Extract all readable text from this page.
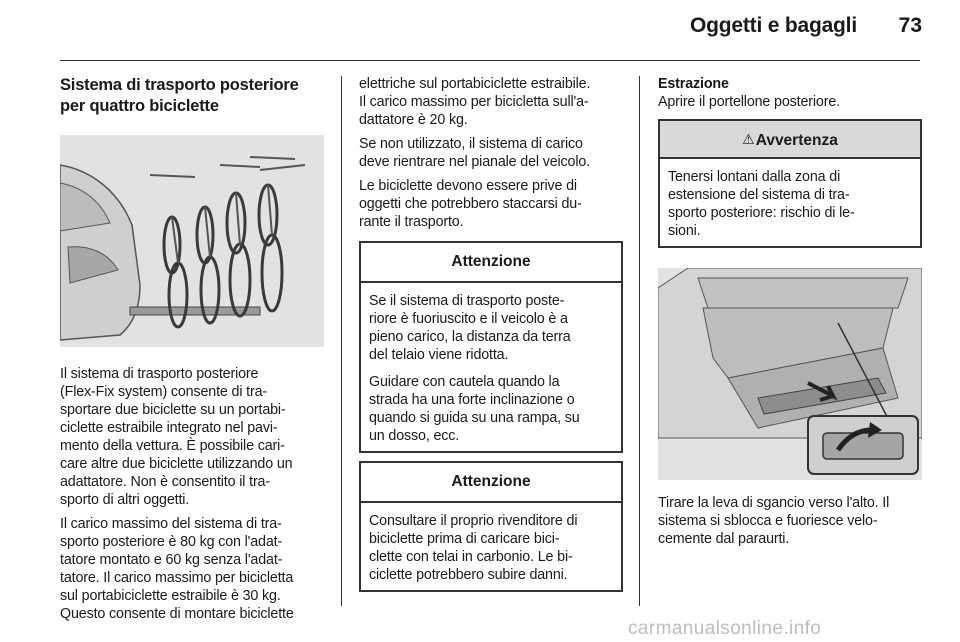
Oggetti e bagagli	73
Sistema di trasporto posteriore
per quattro biciclette

Il sistema di trasporto posteriore
(Flex-Fix system) consente di tra-
sportare due biciclette su un portabi-
ciclette estraibile integrato nel pavi-
mento della vettura. È possibile cari-
care altre due biciclette utilizzando un
adattatore. Non è consentito il tra-
sporto di altri oggetti.

Il carico massimo del sistema di tra-
sporto posteriore è 80 kg con l'adat-
tatore montato e 60 kg senza l'adat-
tatore. Il carico massimo per bicicletta
sul portabiciclette estraibile è 30 kg.
Questo consente di montare biciclette

elettriche sul portabiciclette estraibile.
Il carico massimo per bicicletta sull'a-
dattatore è 20 kg.

Se non utilizzato, il sistema di carico
deve rientrare nel pianale del veicolo.

Le biciclette devono essere prive di
oggetti che potrebbero staccarsi du-
rante il trasporto.

Attenzione

Se il sistema di trasporto poste-
riore è fuoriuscito e il veicolo è a
pieno carico, la distanza da terra
del telaio viene ridotta.

Guidare con cautela quando la
strada ha una forte inclinazione o
quando si guida su una rampa, su
un dosso, ecc.

Attenzione

Consultare il proprio rivenditore di
biciclette prima di caricare bici-
clette con telai in carbonio. Le bi-
ciclette potrebbero subire danni.

Estrazione

Aprire il portellone posteriore.

⚠Avvertenza

Tenersi lontani dalla zona di
estensione del sistema di tra-
sporto posteriore: rischio di le-
sioni.

Tirare la leva di sgancio verso l'alto. Il
sistema si sblocca e fuoriesce velo-
cemente dal paraurti.

carmanualsonline.info
